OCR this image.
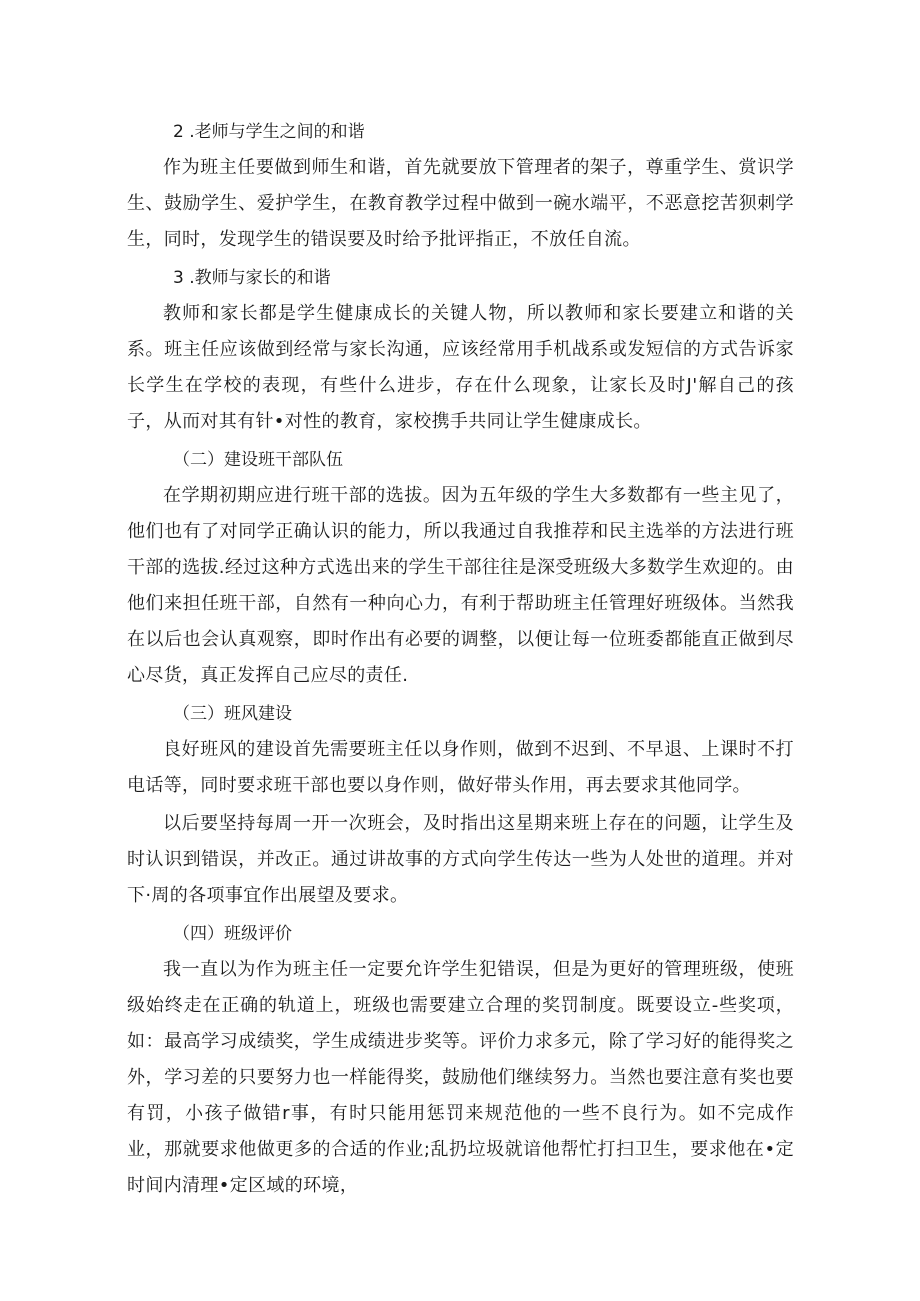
2 .老师与学生之间的和谐

作为班主任要做到师生和谐，首先就要放下管理者的架子，尊重学生、赏识学生、鼓励学生、爱护学生，在教育教学过程中做到一碗水端平，不恶意挖苦狈刺学生，同时，发现学生的错误要及时给予批评指正，不放任自流。

3 .教师与家长的和谐

教师和家长都是学生健康成长的关键人物，所以教师和家长要建立和谐的关系。班主任应该做到经常与家长沟通，应该经常用手机战系或发短信的方式告诉家长学生在学校的表现，有些什么进步，存在什么现象，让家长及时J'解自己的孩子，从而对其有针•对性的教育，家校携手共同让学生健康成长。

（二）建设班干部队伍

在学期初期应进行班干部的选拔。因为五年级的学生大多数都有一些主见了，他们也有了对同学正确认识的能力，所以我通过自我推荐和民主选举的方法进行班干部的选拔.经过这种方式选出来的学生干部往往是深受班级大多数学生欢迎的。由他们来担任班干部，自然有一种向心力，有利于帮助班主任管理好班级体。当然我在以后也会认真观察，即时作出有必要的调整，以便让每一位班委都能直正做到尽心尽货，真正发挥自己应尽的责任.

（三）班风建设

良好班风的建设首先需要班主任以身作则，做到不迟到、不早退、上课时不打电话等，同时要求班干部也要以身作则，做好带头作用，再去要求其他同学。

以后要坚持每周一开一次班会，及时指出这星期来班上存在的问题，让学生及时认识到错误，并改正。通过讲故事的方式向学生传达一些为人处世的道理。并对下·周的各项事宜作出展望及要求。

（四）班级评价

我一直以为作为班主任一定要允许学生犯错误，但是为更好的管理班级，使班级始终走在正确的轨道上，班级也需要建立合理的奖罚制度。既要设立-些奖项，如：最高学习成绩奖，学生成绩进步奖等。评价力求多元，除了学习好的能得奖之外，学习差的只要努力也一样能得奖，鼓励他们继续努力。当然也要注意有奖也要有罚，小孩子做错r事，有时只能用惩罚来规范他的一些不良行为。如不完成作业，那就要求他做更多的合适的作业;乱扔垃圾就谙他帮忙打扫卫生，要求他在•定时间内清理•定区域的环境，
